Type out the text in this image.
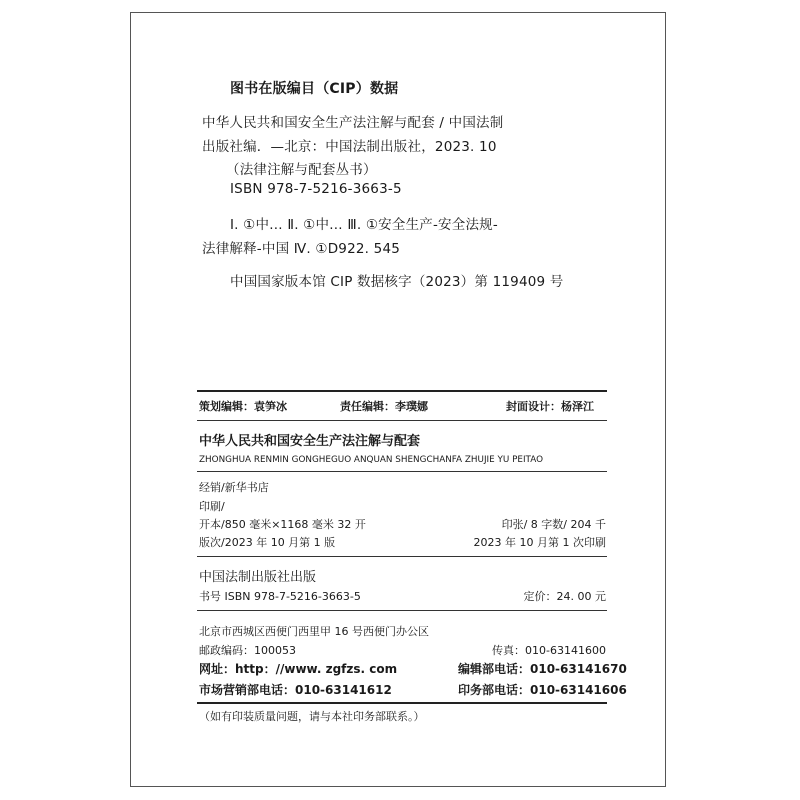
图书在版编目（CIP）数据
中华人民共和国安全生产法注解与配套 / 中国法制
出版社编．—北京：中国法制出版社，2023. 10
（法律注解与配套丛书）
ISBN 978-7-5216-3663-5
Ⅰ. ①中… Ⅱ. ①中… Ⅲ. ①安全生产-安全法规-
法律解释-中国 Ⅳ. ①D922. 545
中国国家版本馆 CIP 数据核字（2023）第 119409 号
策划编辑：袁笋冰	责任编辑：李璞娜	封面设计：杨泽江
中华人民共和国安全生产法注解与配套
ZHONGHUA RENMIN GONGHEGUO ANQUAN SHENGCHANFA ZHUJIE YU PEITAO
经销/新华书店
印刷/
开本/850 毫米×1168 毫米 32 开	印张/ 8 字数/ 204 千
版次/2023 年 10 月第 1 版	2023 年 10 月第 1 次印刷
中国法制出版社出版
书号 ISBN 978-7-5216-3663-5	定价：24. 00 元
北京市西城区西便门西里甲 16 号西便门办公区
邮政编码：100053	传真：010-63141600
网址：http：//www. zgfzs. com	编辑部电话：010-63141670
市场营销部电话：010-63141612	印务部电话：010-63141606
（如有印装质量问题，请与本社印务部联系。）
